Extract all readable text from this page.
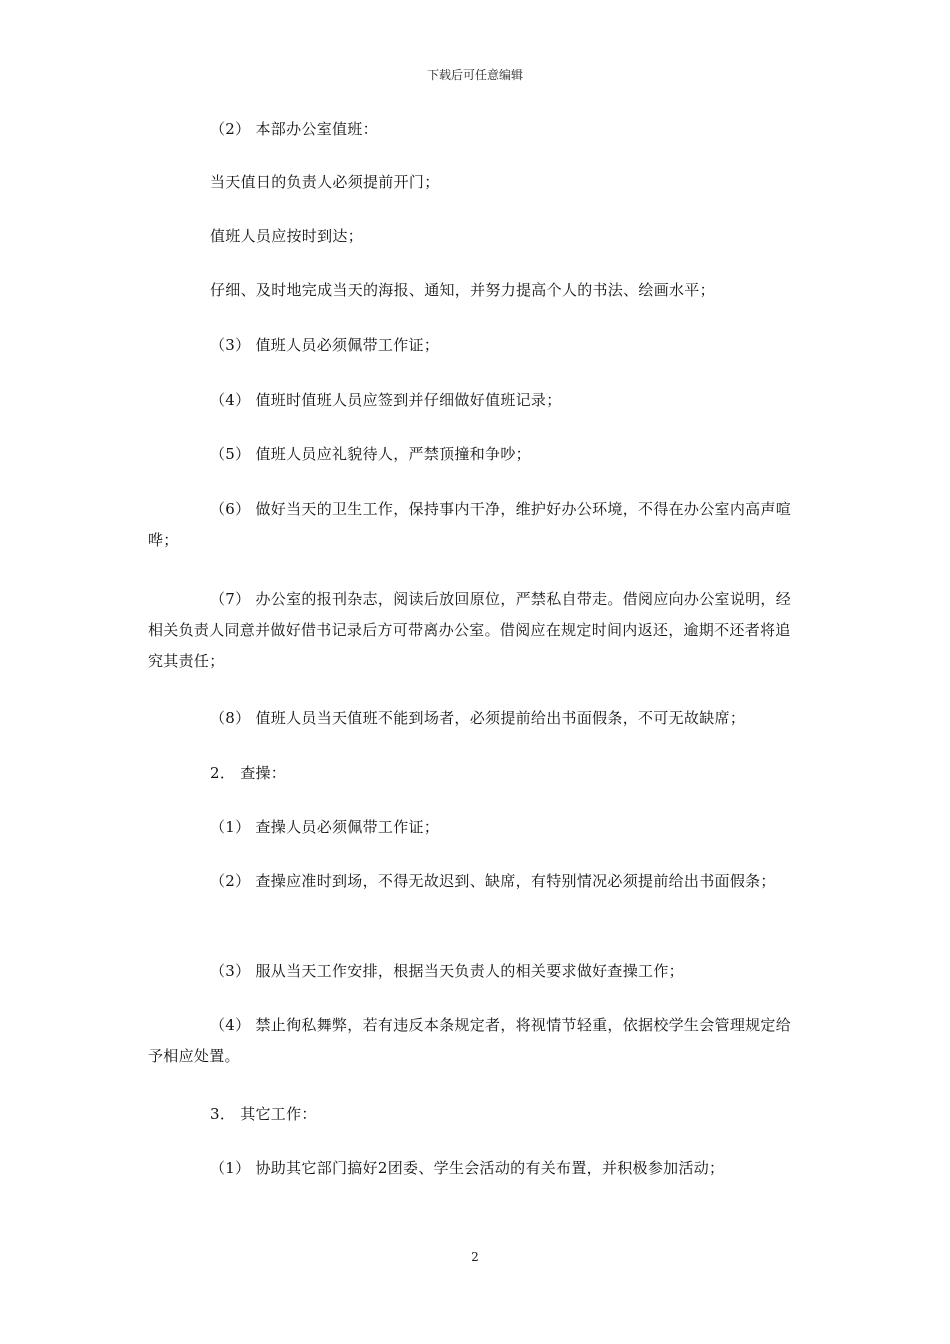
下载后可任意编辑
（2） 本部办公室值班：
当天值日的负责人必须提前开门；
值班人员应按时到达；
仔细、及时地完成当天的海报、通知，并努力提高个人的书法、绘画水平；
（3） 值班人员必须佩带工作证；
（4） 值班时值班人员应签到并仔细做好值班记录；
（5） 值班人员应礼貌待人，严禁顶撞和争吵；
（6） 做好当天的卫生工作，保持事内干净，维护好办公环境，不得在办公室内高声喧哗；
（7） 办公室的报刊杂志，阅读后放回原位，严禁私自带走。借阅应向办公室说明，经相关负责人同意并做好借书记录后方可带离办公室。借阅应在规定时间内返还，逾期不还者将追究其责任；
（8） 值班人员当天值班不能到场者，必须提前给出书面假条，不可无故缺席；
2． 查操：
（1） 查操人员必须佩带工作证；
（2） 查操应准时到场，不得无故迟到、缺席，有特别情况必须提前给出书面假条；
（3） 服从当天工作安排，根据当天负责人的相关要求做好查操工作；
（4） 禁止徇私舞弊，若有违反本条规定者，将视情节轻重，依据校学生会管理规定给予相应处置。
3． 其它工作：
（1） 协助其它部门搞好2团委、学生会活动的有关布置，并积极参加活动；
2
